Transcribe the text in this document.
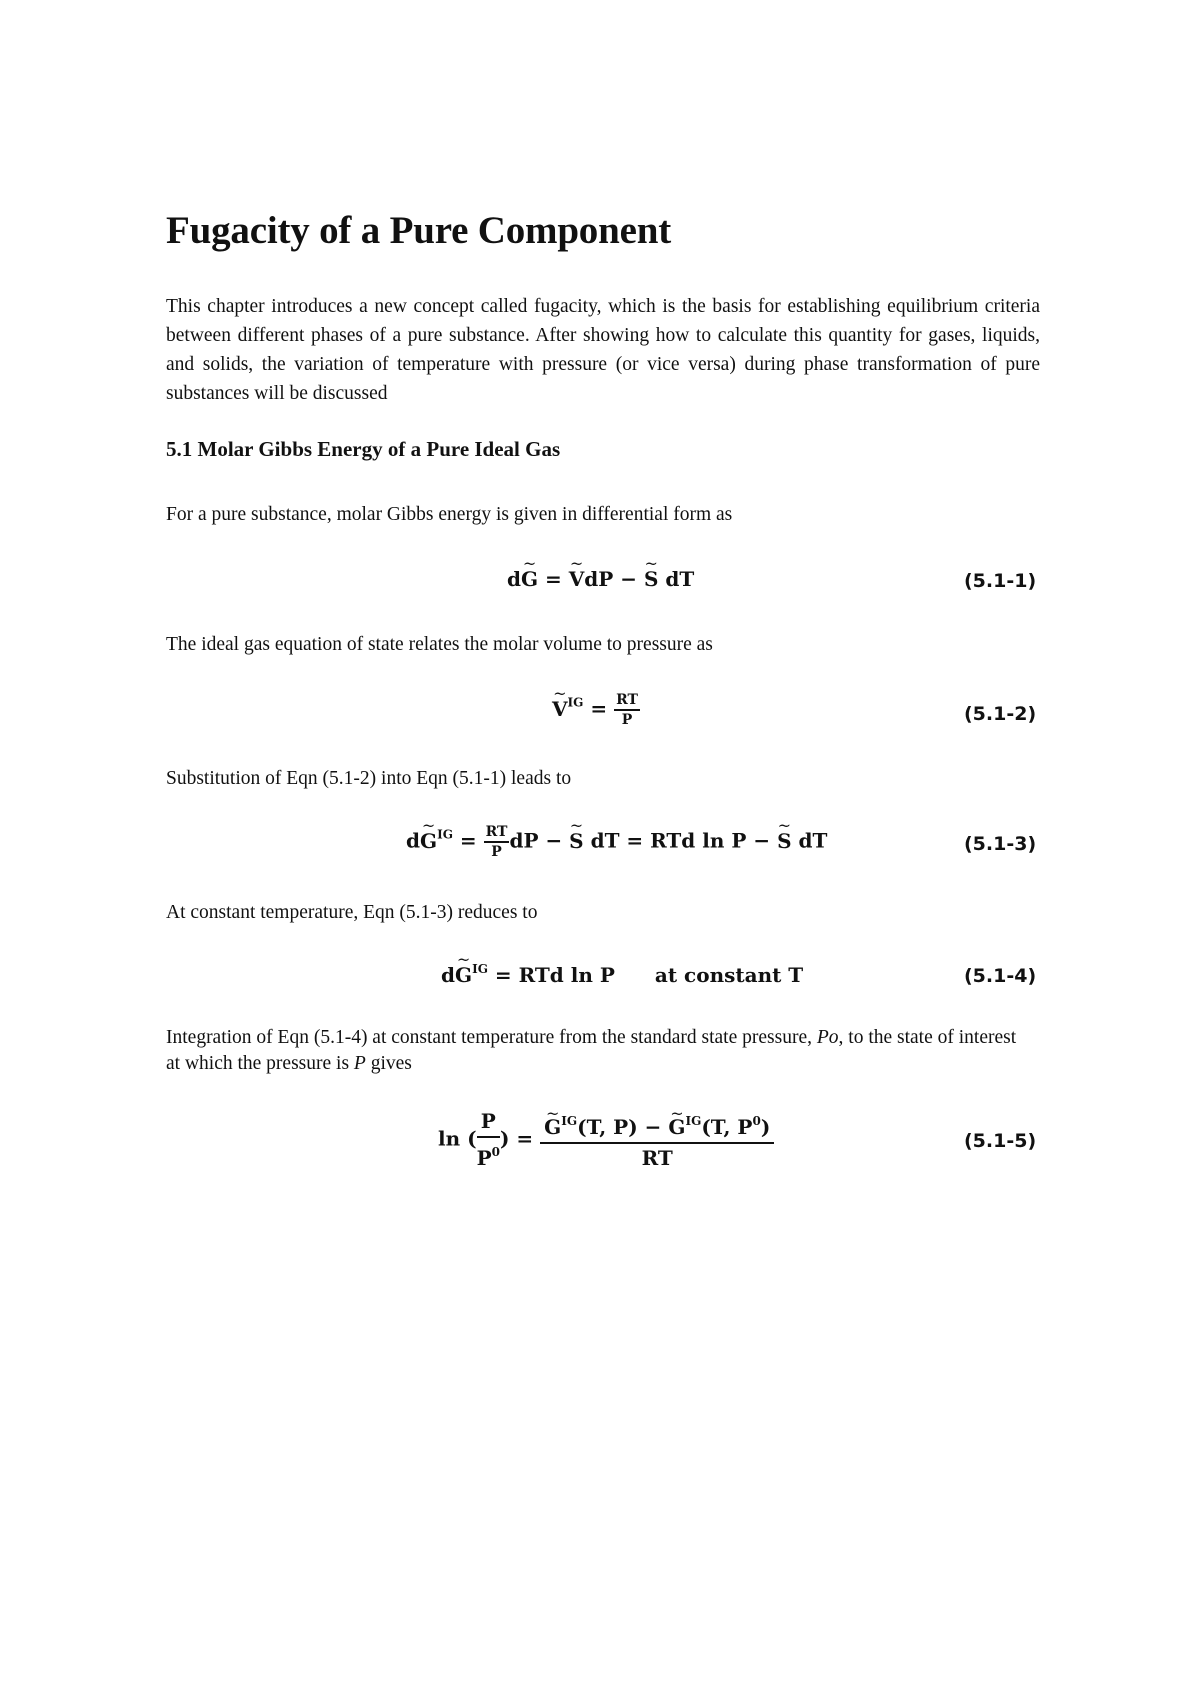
Fugacity of a Pure Component

This chapter introduces a new concept called fugacity, which is the basis for establishing equilibrium criteria between different phases of a pure substance. After showing how to calculate this quantity for gases, liquids, and solids, the variation of temperature with pressure (or vice versa) during phase transformation of pure substances will be discussed

5.1 Molar Gibbs Energy of a Pure Ideal Gas

For a pure substance, molar Gibbs energy is given in differential form as

d~ G = ~ VdP − ~ S dT	(5.1-1)

The ideal gas equation of state relates the molar volume to pressure as

~ $V^{IG} = \frac{RT}{P}$	(5.1-2)

Substitution of Eqn (5.1-2) into Eqn (5.1-1) leads to

d~ $G^{IG} = \frac{RT}{P}$ dP − ~ S dT = RTd ln P − ~ S dT	(5.1-3)

At constant temperature, Eqn (5.1-3) reduces to

d~ $G^{IG}$ = RTd ln P at constant T	(5.1-4)

Integration of Eqn (5.1-4) at constant temperature from the standard state pressure, Po, to the state of interest at which the pressure is P gives

ln ( $\frac{P}{P^0}$ ) =
~ $G^{IG}(T$, P) − ~ $G^{IG}(T$, $P^0$)
RT
(5.1-5)
